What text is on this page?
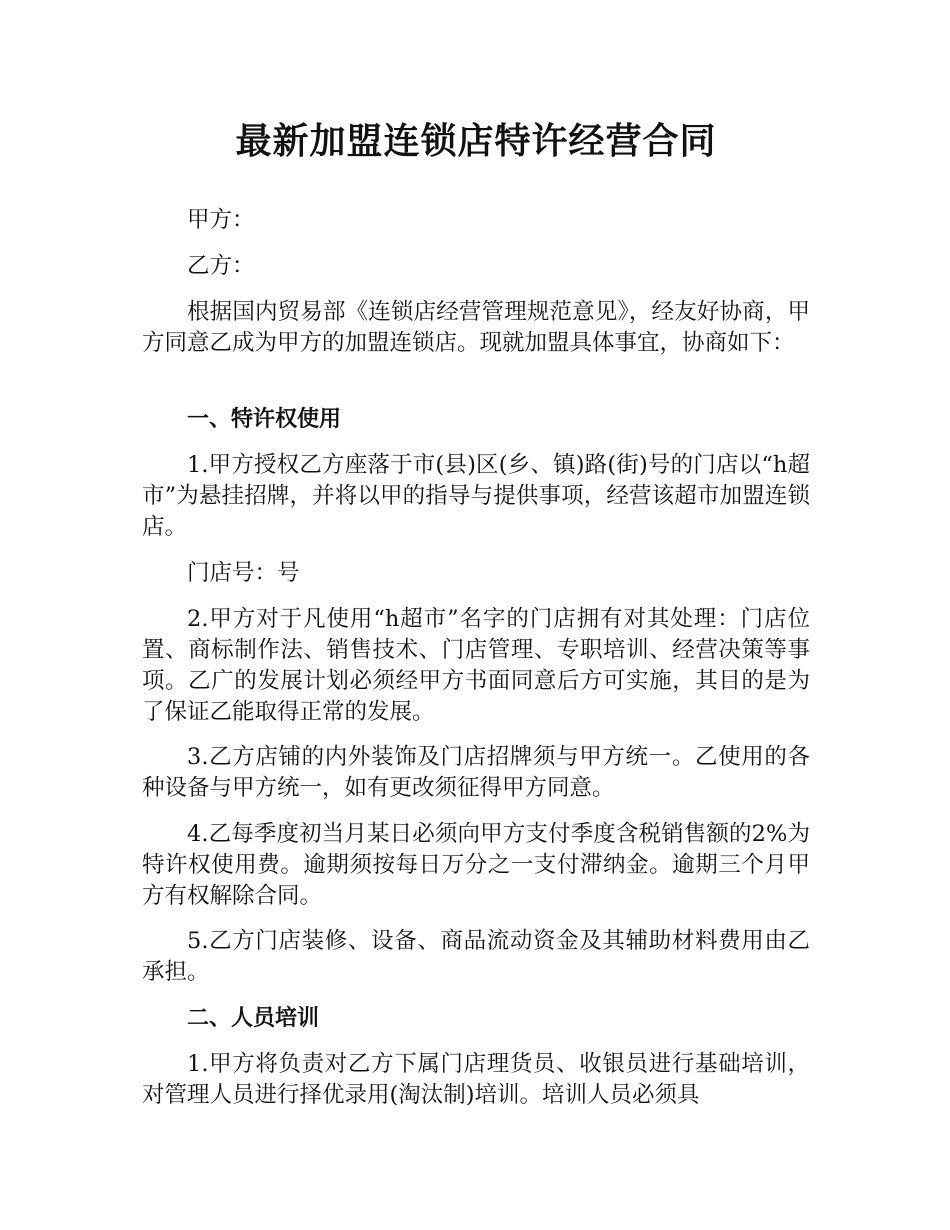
最新加盟连锁店特许经营合同

甲方：

乙方：

根据国内贸易部《连锁店经营管理规范意见》，经友好协商，甲方同意乙成为甲方的加盟连锁店。现就加盟具体事宜，协商如下：

一、特许权使用

1.甲方授权乙方座落于市(县)区(乡、镇)路(街)号的门店以“h超市”为悬挂招牌，并将以甲的指导与提供事项，经营该超市加盟连锁店。

门店号：号

2.甲方对于凡使用“h超市”名字的门店拥有对其处理：门店位置、商标制作法、销售技术、门店管理、专职培训、经营决策等事项。乙广的发展计划必须经甲方书面同意后方可实施，其目的是为了保证乙能取得正常的发展。

3.乙方店铺的内外装饰及门店招牌须与甲方统一。乙使用的各种设备与甲方统一，如有更改须征得甲方同意。

4.乙每季度初当月某日必须向甲方支付季度含税销售额的2%为特许权使用费。逾期须按每日万分之一支付滞纳金。逾期三个月甲方有权解除合同。

5.乙方门店装修、设备、商品流动资金及其辅助材料费用由乙承担。

二、人员培训

1.甲方将负责对乙方下属门店理货员、收银员进行基础培训，对管理人员进行择优录用(淘汰制)培训。培训人员必须具
